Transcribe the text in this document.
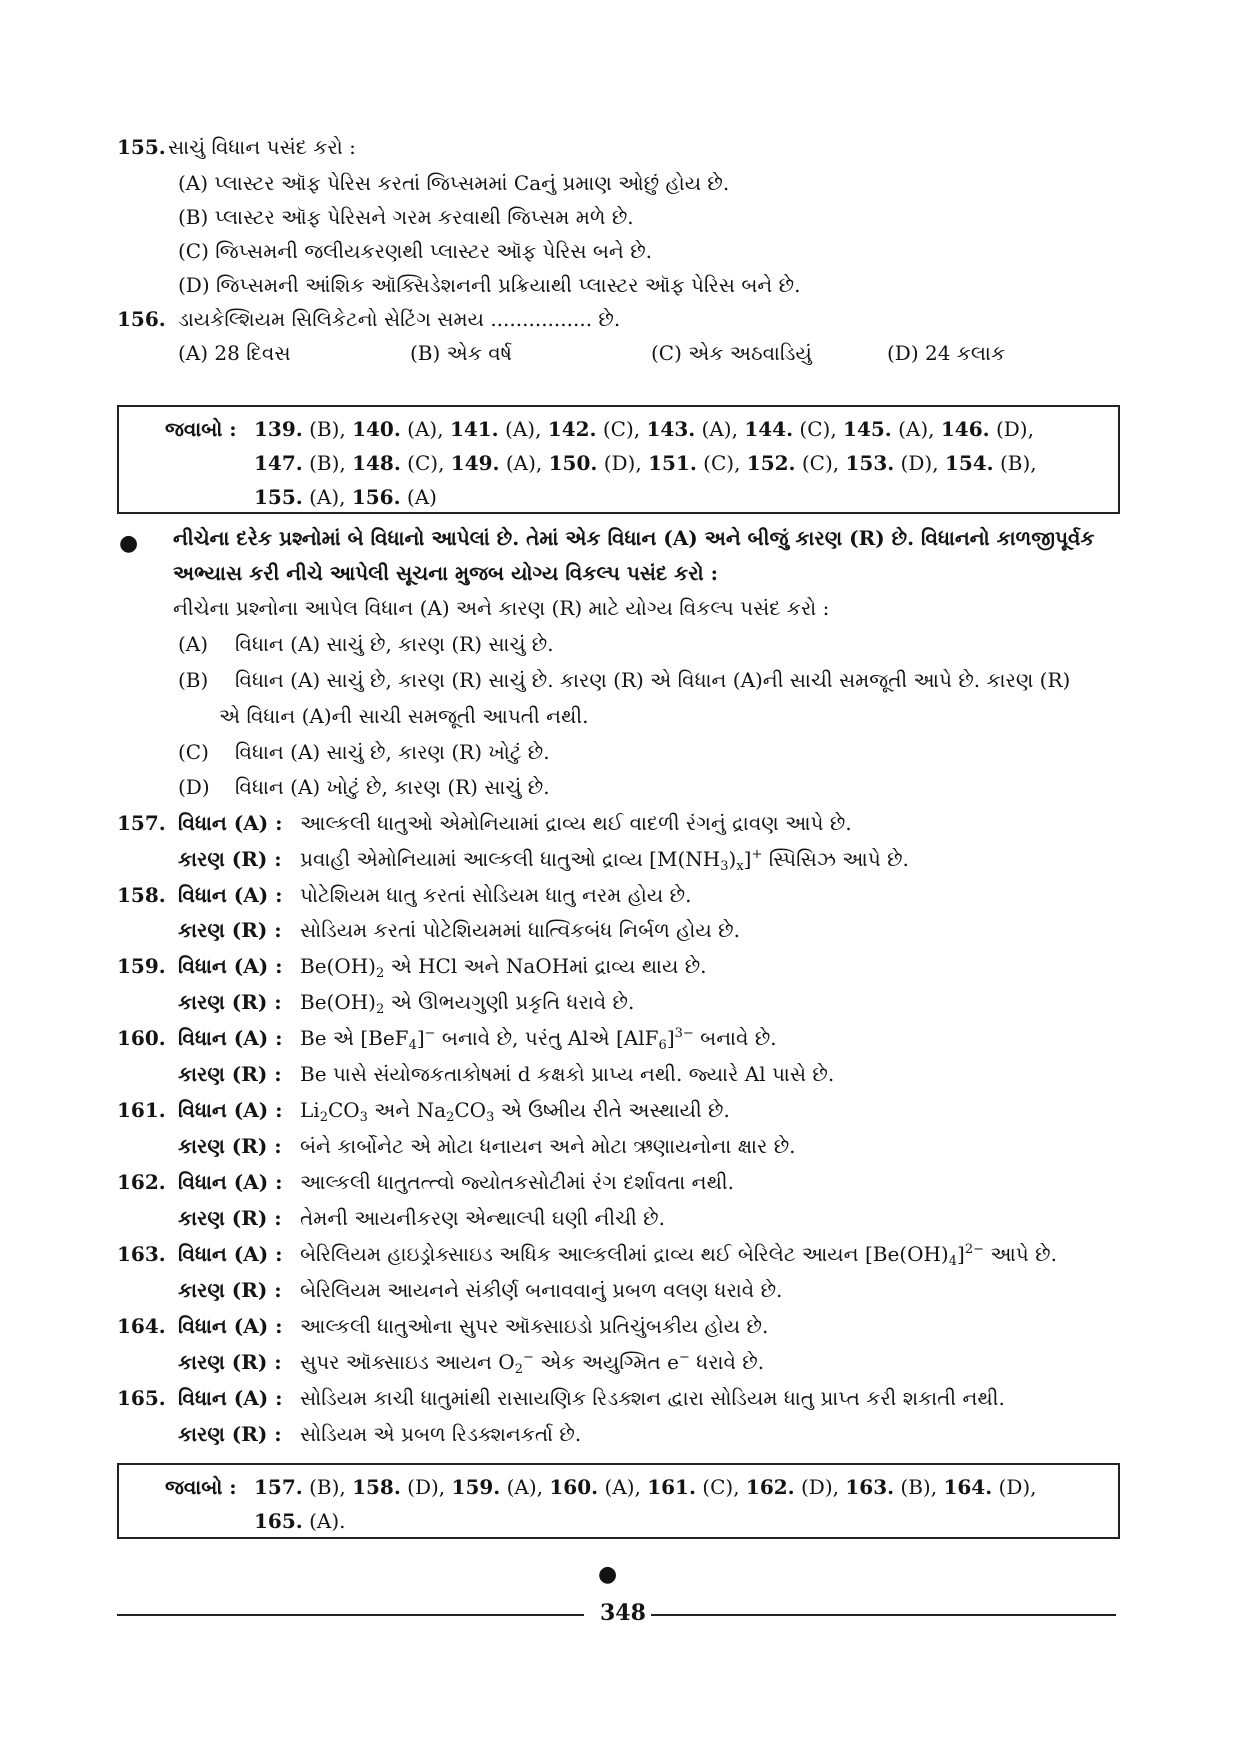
155. સાચું વિધાન પસંદ કરો :
(A) પ્લાસ્ટર ઑફ પેરિસ કરતાં જિપ્સમમાં Caનું પ્રમાણ ઓછું હોય છે.
(B) પ્લાસ્ટર ઑફ પેરિસને ગરમ કરવાથી જિપ્સમ મળે છે.
(C) જિપ્સમની જલીયકરણથી પ્લાસ્ટર ઑફ પેરિસ બને છે.
(D) જિપ્સમની આંશિક ઑક્સિડેશનની પ્રક્રિયાથી પ્લાસ્ટર ઑફ પેરિસ બને છે.
156. ડાયકેલ્શિયમ સિલિકેટનો સેટિંગ સમય ................ છે.
(A) 28 દિવસ	(B) એક વર્ષ	(C) એક અઠવાડિયું	(D) 24 કલાક
જવાબો : 139. (B), 140. (A), 141. (A), 142. (C), 143. (A), 144. (C), 145. (A), 146. (D),
147. (B), 148. (C), 149. (A), 150. (D), 151. (C), 152. (C), 153. (D), 154. (B),
155. (A), 156. (A)
● નીચેના દરેક પ્રશ્નોમાં બે વિધાનો આપેલાં છે. તેમાં એક વિધાન (A) અને બીજું કારણ (R) છે. વિધાનનો કાળજીપૂર્વક
અભ્યાસ કરી નીચે આપેલી સૂચના મુજબ યોગ્ય વિકલ્પ પસંદ કરો :
નીચેના પ્રશ્નોના આપેલ વિધાન (A) અને કારણ (R) માટે યોગ્ય વિકલ્પ પસંદ કરો :
(A) વિધાન (A) સાચું છે, કારણ (R) સાચું છે.
(B) વિધાન (A) સાચું છે, કારણ (R) સાચું છે. કારણ (R) એ વિધાન (A)ની સાચી સમજૂતી આપે છે. કારણ (R)
એ વિધાન (A)ની સાચી સમજૂતી આપતી નથી.
(C) વિધાન (A) સાચું છે, કારણ (R) ખોટું છે.
(D) વિધાન (A) ખોટું છે, કારણ (R) સાચું છે.
157. વિધાન (A) : આલ્કલી ધાતુઓ એમોનિયામાં દ્રાવ્ય થઈ વાદળી રંગનું દ્રાવણ આપે છે.
કારણ (R) : પ્રવાહી એમોનિયામાં આલ્કલી ધાતુઓ દ્રાવ્ય $[M(NH_3)_x]^+$ સ્પિસિઝ આપે છે.
158. વિધાન (A) : પોટેશિયમ ધાતુ કરતાં સોડિયમ ધાતુ નરમ હોય છે.
કારણ (R) : સોડિયમ કરતાં પોટેશિયમમાં ધાત્વિકબંધ નિર્બળ હોય છે.
159. વિધાન (A) : $Be(OH)_2$ એ HCl અને NaOHમાં દ્રાવ્ય થાય છે.
કારણ (R) : $Be(OH)_2$ એ ઊભયગુણી પ્રકૃતિ ધરાવે છે.
160. વિધાન (A) : Be એ [BeF$_4$]− બનાવે છે, પરંતુ Alએ $[AlF_6]^{3-}$ બનાવે છે.
કારણ (R) : Be પાસે સંયોજકતાકોષમાં d કક્ષકો પ્રાપ્ય નથી. જ્યારે Al પાસે છે.
161. વિધાન (A) : $Li_2CO_3$ અને $Na_2CO_3$ એ ઉષ્મીય રીતે અસ્થાયી છે.
કારણ (R) : બંને કાર્બોનેટ એ મોટા ધનાયન અને મોટા ઋણાયનોના ક્ષાર છે.
162. વિધાન (A) : આલ્કલી ધાતુતત્ત્વો જ્યોતકસોટીમાં રંગ દર્શાવતા નથી.
કારણ (R) : તેમની આયનીકરણ એન્થાલ્પી ઘણી નીચી છે.
163. વિધાન (A) : બેરિલિયમ હાઇડ્રોક્સાઇડ અધિક આલ્કલીમાં દ્રાવ્ય થઈ બેરિલેટ આયન $[Be(OH)_4]^{2-}$ આપે છે.
કારણ (R) : બેરિલિયમ આયનને સંકીર્ણ બનાવવાનું પ્રબળ વલણ ધરાવે છે.
164. વિધાન (A) : આલ્કલી ધાતુઓના સુપર ઑક્સાઇડો પ્રતિચુંબકીય હોય છે.
કારણ (R) : સુપર ઑક્સાઇડ આયન $O_2^-$ એક અયુગ્મિત e− ધરાવે છે.
165. વિધાન (A) : સોડિયમ કાચી ધાતુમાંથી રાસાયણિક રિડક્શન દ્વારા સોડિયમ ધાતુ પ્રાપ્ત કરી શકાતી નથી.
કારણ (R) : સોડિયમ એ પ્રબળ રિડક્શનકર્તા છે.
જવાબો : 157. (B), 158. (D), 159. (A), 160. (A), 161. (C), 162. (D), 163. (B), 164. (D),
165. (A).
●
348
